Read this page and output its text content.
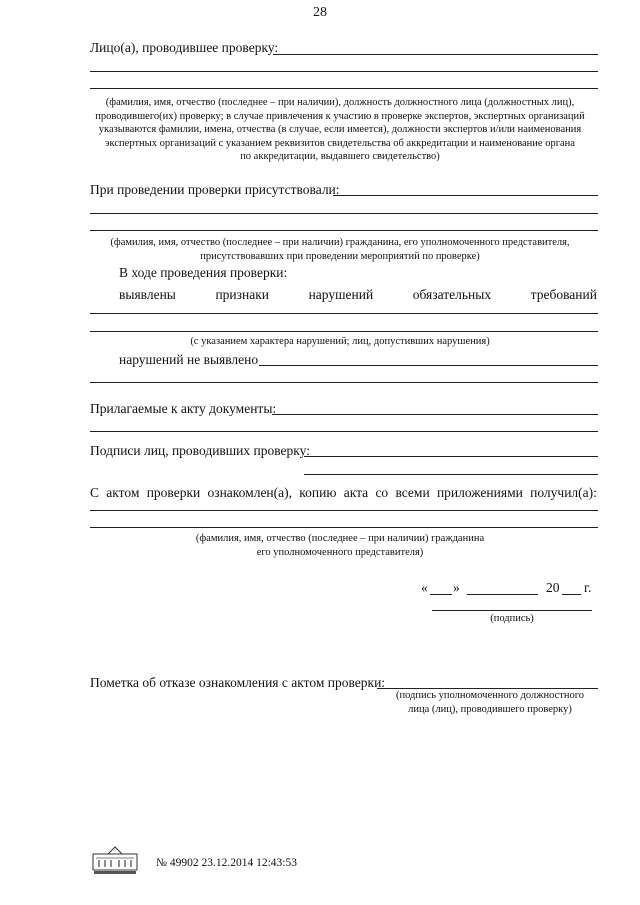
28
Лицо(а), проводившее проверку:
(фамилия, имя, отчество (последнее – при наличии), должность должностного лица (должностных лиц),
проводившего(их) проверку; в случае привлечения к участию в проверке экспертов, экспертных организаций
указываются фамилии, имена, отчества (в случае, если имеется), должности экспертов и/или наименования
экспертных организаций с указанием реквизитов свидетельства об аккредитации и наименование органа
по аккредитации, выдавшего свидетельство)
При проведении проверки присутствовали:
(фамилия, имя, отчество (последнее – при наличии) гражданина, его уполномоченного представителя,
присутствовавших при проведении мероприятий по проверке)
В ходе проведения проверки:
выявлены	признаки	нарушений	обязательных	требований
(с указанием характера нарушений; лиц, допустивших нарушения)
нарушений не выявлено
Прилагаемые к акту документы:
Подписи лиц, проводивших проверку:
С актом проверки ознакомлен(а), копию акта со всеми приложениями получил(а):
(фамилия, имя, отчество (последнее – при наличии) гражданина
его уполномоченного представителя)
« »	20 г.
(подпись)
Пометка об отказе ознакомления с актом проверки:
(подпись уполномоченного должностного
лица (лиц), проводившего проверку)
№ 49902 23.12.2014 12:43:53
